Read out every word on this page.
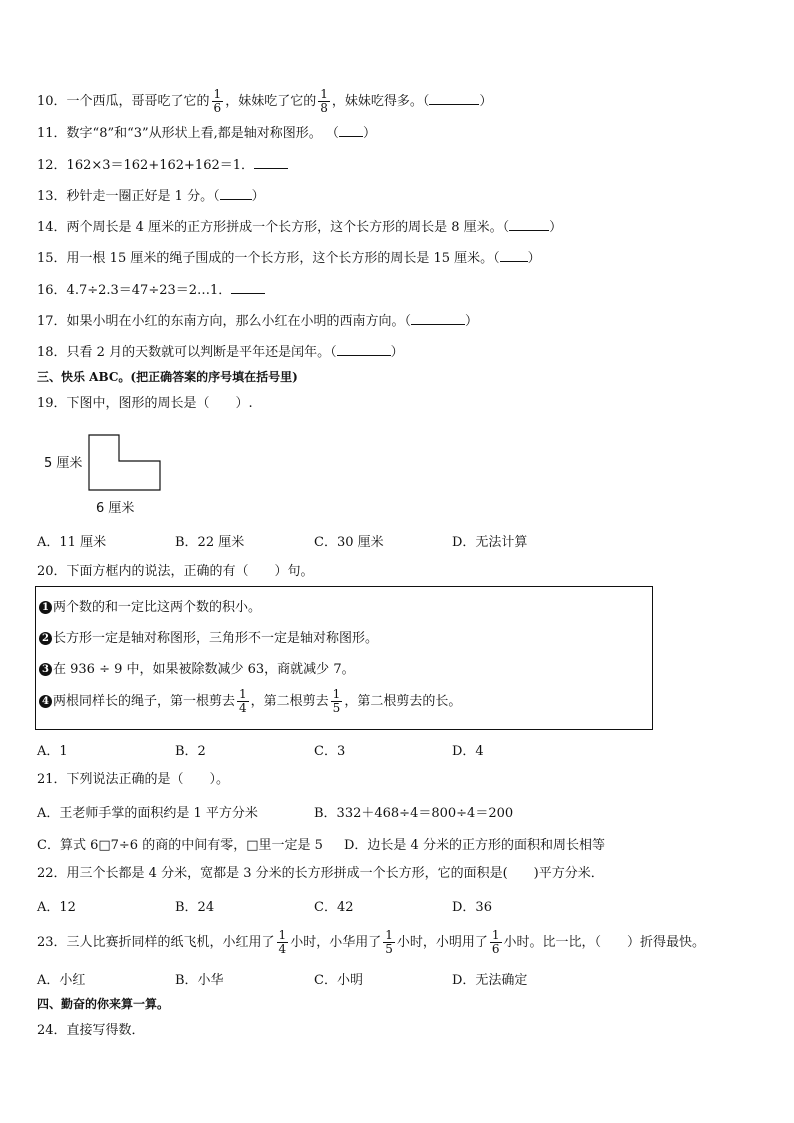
10．一个西瓜，哥哥吃了它的 $\frac{1}{6}$ ，妹妹吃了它的 $\frac{1}{8}$ ，妹妹吃得多。（	）
11．数字“8”和“3”从形状上看,都是轴对称图形。 （ ）
12．162×3＝162+162+162＝1．
13．秒针走一圈正好是 1 分。（ ）
14．两个周长是 4 厘米的正方形拼成一个长方形，这个长方形的周长是 8 厘米。（	）
15．用一根 15 厘米的绳子围成的一个长方形，这个长方形的周长是 15 厘米。（ ）
16．4.7÷2.3＝47÷23＝2…1．
17．如果小明在小红的东南方向，那么小红在小明的西南方向。（	）
18．只看 2 月的天数就可以判断是平年还是闰年。（	）
三、快乐 ABC。(把正确答案的序号填在括号里)
19．下图中，图形的周长是（　　）.
5 厘米
6 厘米
A．11 厘米	B．22 厘米	C．30 厘米	D．无法计算
20．下面方框内的说法，正确的有（　　）句。
1 两个数的和一定比这两个数的积小。
2 长方形一定是轴对称图形，三角形不一定是轴对称图形。
3 在 936 ÷ 9 中，如果被除数减少 63，商就减少 7。
4 两根同样长的绳子，第一根剪去 $\frac{1}{4}$ ，第二根剪去 $\frac{1}{5}$ ，第二根剪去的长。
A．1	B．2	C．3	D．4
21．下列说法正确的是（　　）。
A．王老师手掌的面积约是 1 平方分米	B．332＋468÷4＝800÷4＝200
C．算式 6□7÷6 的商的中间有零，□里一定是 5 D．边长是 4 分米的正方形的面积和周长相等
22．用三个长都是 4 分米，宽都是 3 分米的长方形拼成一个长方形，它的面积是(　　)平方分米．
A．12	B．24	C．42	D．36
23．三人比赛折同样的纸飞机，小红用了 $\frac{1}{4}$ 小时，小华用了 $\frac{1}{5}$ 小时，小明用了 $\frac{1}{6}$ 小时。比一比，（　　）折得最快。
A．小红	B．小华	C．小明	D．无法确定
四、勤奋的你来算一算。
24．直接写得数．
